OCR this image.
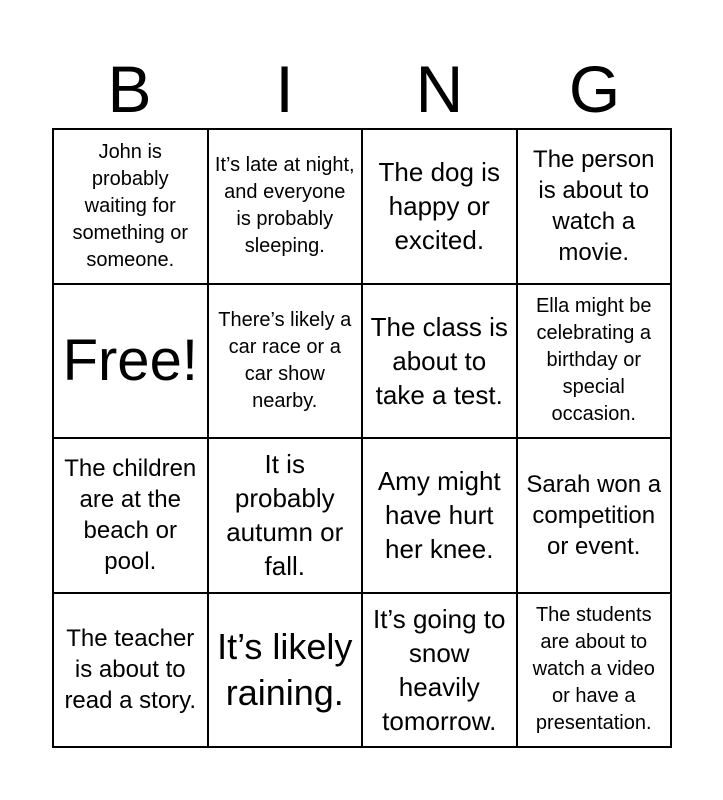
B	I	N	G
John is probably waiting for something or someone.
It’s late at night, and everyone is probably sleeping.
The dog is happy or excited.
The person is about to watch a movie.
Free!
There’s likely a car race or a car show nearby.
The class is about to take a test.
Ella might be celebrating a birthday or special occasion.
The children are at the beach or pool.
It is probably autumn or fall.
Amy might have hurt her knee.
Sarah won a competition or event.
The teacher is about to read a story.
It’s likely raining.
It’s going to snow heavily tomorrow.
The students are about to watch a video or have a presentation.
